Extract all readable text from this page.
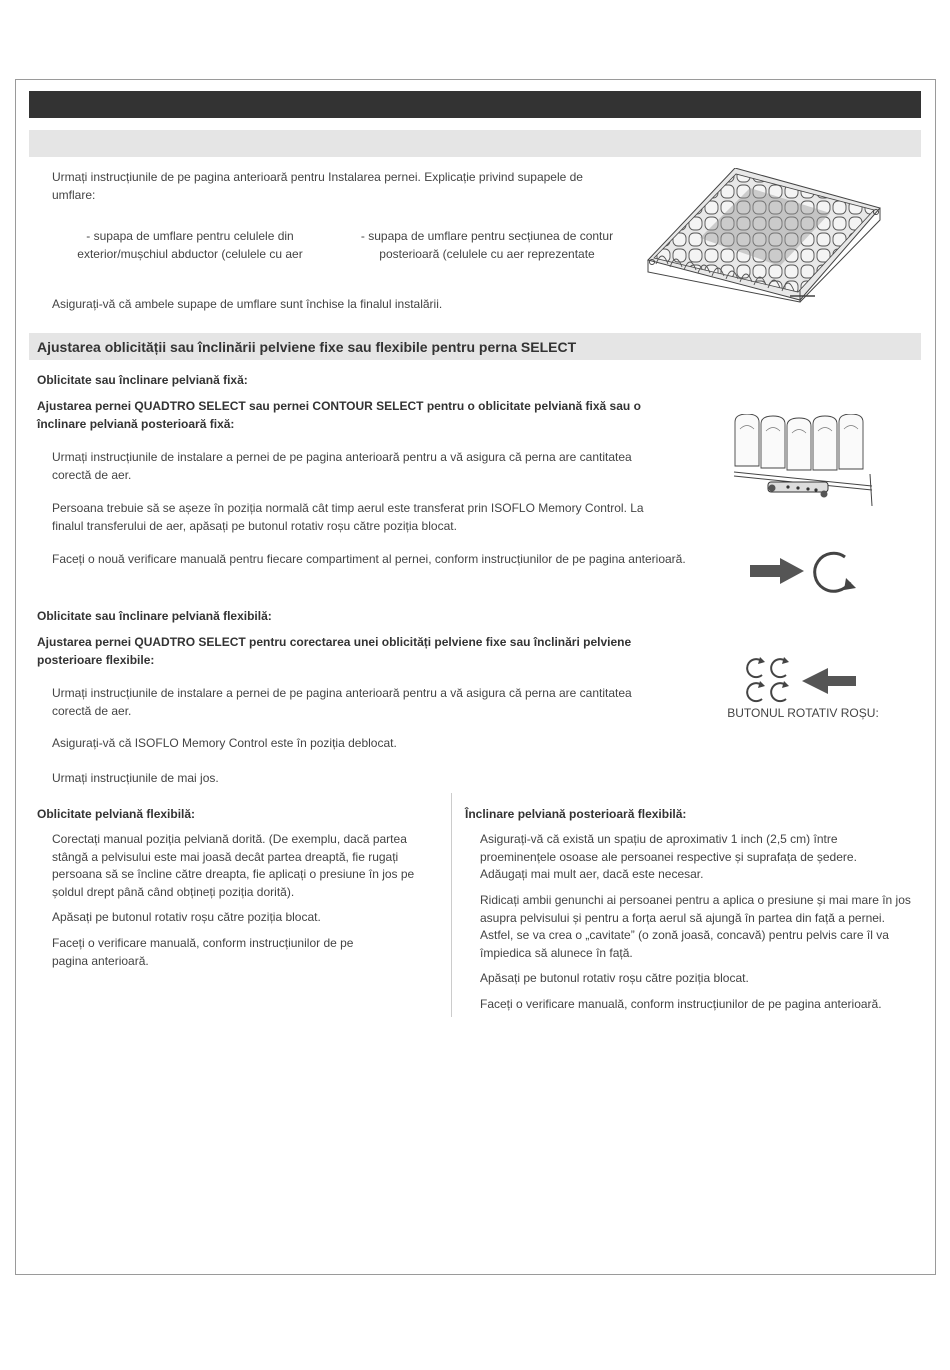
Urmați instrucțiunile de pe pagina anterioară pentru Instalarea pernei. Explicație privind supapele de umflare:

- supapa de umflare pentru celulele din exterior/mușchiul abductor (celulele cu aer

- supapa de umflare pentru secțiunea de contur posterioară (celulele cu aer reprezentate

Asigurați-vă că ambele supape de umflare sunt închise la finalul instalării.

Ajustarea oblicității sau înclinării pelviene fixe sau flexibile pentru perna SELECT

Oblicitate sau înclinare pelviană fixă:

Ajustarea pernei QUADTRO SELECT sau pernei CONTOUR SELECT pentru o oblicitate pelviană fixă sau o înclinare pelviană posterioară fixă:

Urmați instrucțiunile de instalare a pernei de pe pagina anterioară pentru a vă asigura că perna are cantitatea corectă de aer.

Persoana trebuie să se așeze în poziția normală cât timp aerul este transferat prin ISOFLO Memory Control. La finalul transferului de aer, apăsați pe butonul rotativ roșu către poziția blocat.

Faceți o nouă verificare manuală pentru fiecare compartiment al pernei, conform instrucțiunilor de pe pagina anterioară.

Oblicitate sau înclinare pelviană flexibilă:

Ajustarea pernei QUADTRO SELECT pentru corectarea unei oblicități pelviene fixe sau înclinări pelviene posterioare flexibile:

Urmați instrucțiunile de instalare a pernei de pe pagina anterioară pentru a vă asigura că perna are cantitatea corectă de aer.

Asigurați-vă că ISOFLO Memory Control este în poziția deblocat.

Urmați instrucțiunile de mai jos.

BUTONUL ROTATIV ROȘU:

Oblicitate pelviană flexibilă:

Corectați manual poziția pelviană dorită. (De exemplu, dacă partea stângă a pelvisului este mai joasă decât partea dreaptă, fie rugați persoana să se încline către dreapta, fie aplicați o presiune în jos pe șoldul drept până când obțineți poziția dorită).

Apăsați pe butonul rotativ roșu către poziția blocat.

Faceți o verificare manuală, conform instrucțiunilor de pe pagina anterioară.

Înclinare pelviană posterioară flexibilă:

Asigurați-vă că există un spațiu de aproximativ 1 inch (2,5 cm) între proeminențele osoase ale persoanei respective și suprafața de ședere. Adăugați mai mult aer, dacă este necesar.

Ridicați ambii genunchi ai persoanei pentru a aplica o presiune și mai mare în jos asupra pelvisului și pentru a forța aerul să ajungă în partea din față a pernei. Astfel, se va crea o „cavitate” (o zonă joasă, concavă) pentru pelvis care îl va împiedica să alunece în față.

Apăsați pe butonul rotativ roșu către poziția blocat.

Faceți o verificare manuală, conform instrucțiunilor de pe pagina anterioară.
